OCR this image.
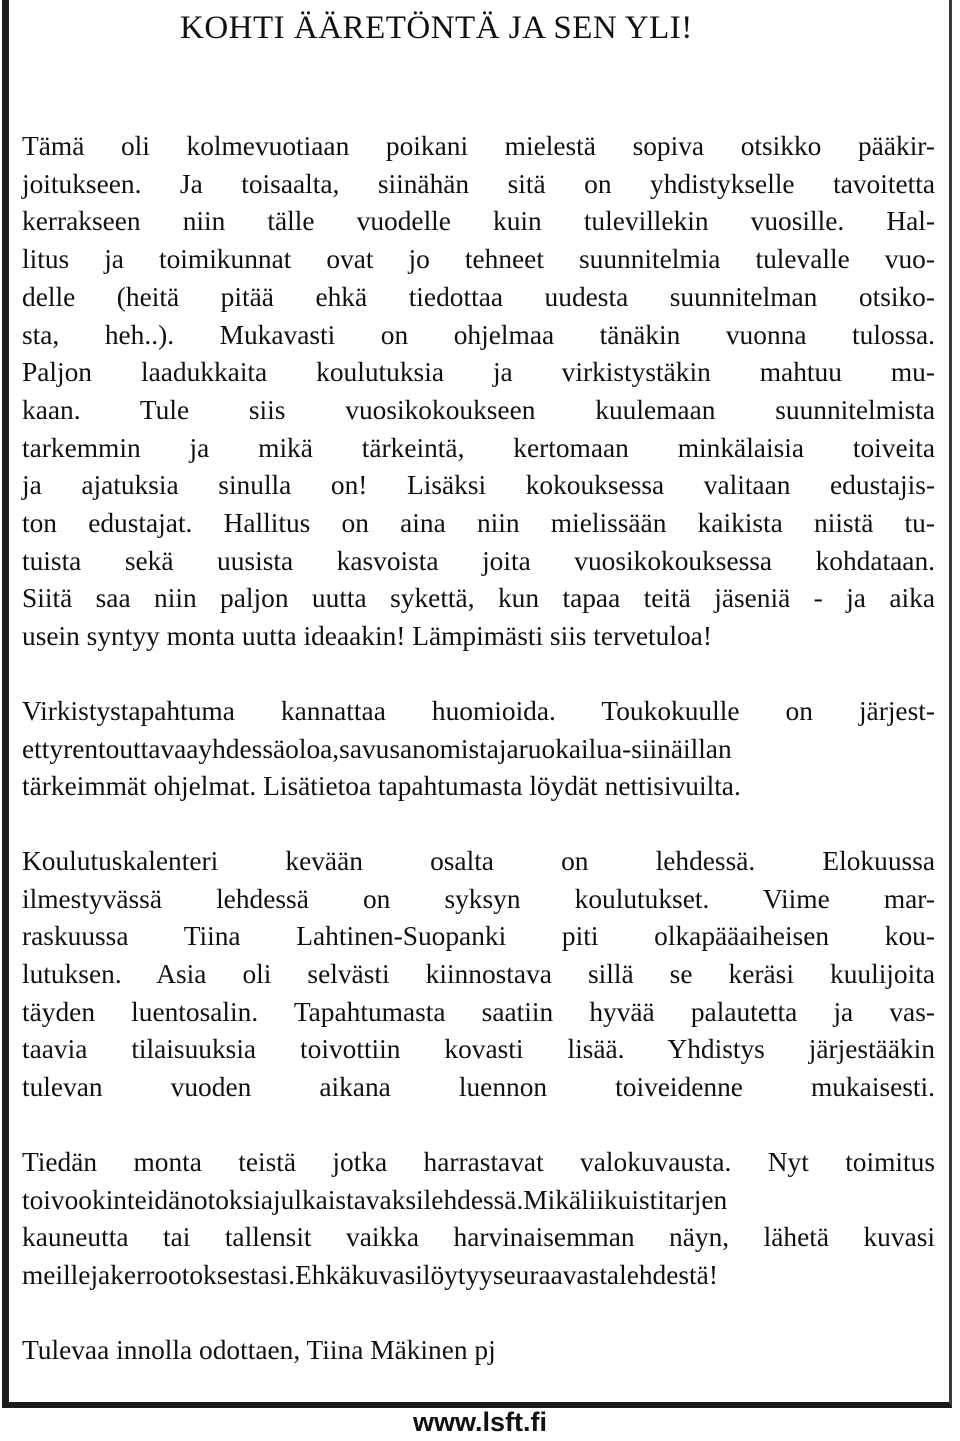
KOHTI ÄÄRETÖNTÄ JA SEN YLI!

Tämä oli kolmevuotiaan poikani mielestä sopiva otsikko pääkir-
joitukseen. Ja toisaalta, siinähän sitä on yhdistykselle tavoitetta
kerrakseen niin tälle vuodelle kuin tulevillekin vuosille. Hal-
litus ja toimikunnat ovat jo tehneet suunnitelmia tulevalle vuo-
delle (heitä pitää ehkä tiedottaa uudesta suunnitelman otsiko-
sta, heh..). Mukavasti on ohjelmaa tänäkin vuonna tulossa.
Paljon laadukkaita koulutuksia ja virkistystäkin mahtuu mu-
kaan. Tule siis vuosikokoukseen kuulemaan suunnitelmista
tarkemmin ja mikä tärkeintä, kertomaan minkälaisia toiveita
ja ajatuksia sinulla on! Lisäksi kokouksessa valitaan edustajis-
ton edustajat. Hallitus on aina niin mielissään kaikista niistä tu-
tuista sekä uusista kasvoista joita vuosikokouksessa kohdataan.
Siitä saa niin paljon uutta sykettä, kun tapaa teitä jäseniä - ja aika
usein syntyy monta uutta ideaakin! Lämpimästi siis tervetuloa!

Virkistystapahtuma kannattaa huomioida. Toukokuulle on järjest-
ettyrentouttavaayhdessäoloa,savusanomistajaruokailua-siinäillan
tärkeimmät ohjelmat. Lisätietoa tapahtumasta löydät nettisivuilta.

Koulutuskalenteri kevään osalta on lehdessä. Elokuussa
ilmestyvässä lehdessä on syksyn koulutukset. Viime mar-
raskuussa Tiina Lahtinen-Suopanki piti olkapääaiheisen kou-
lutuksen. Asia oli selvästi kiinnostava sillä se keräsi kuulijoita
täyden luentosalin. Tapahtumasta saatiin hyvää palautetta ja vas-
taavia tilaisuuksia toivottiin kovasti lisää. Yhdistys järjestääkin
tulevan vuoden aikana luennon toiveidenne mukaisesti.

Tiedän monta teistä jotka harrastavat valokuvausta. Nyt toimitus
toivookinteidänotoksiajulkaistavaksilehdessä.Mikäliikuistitarjen
kauneutta tai tallensit vaikka harvinaisemman näyn, lähetä kuvasi
meillejakerrootoksestasi.Ehkäkuvasilöytyyseuraavastalehdestä!

Tulevaa innolla odottaen, Tiina Mäkinen pj

www.lsft.fi
